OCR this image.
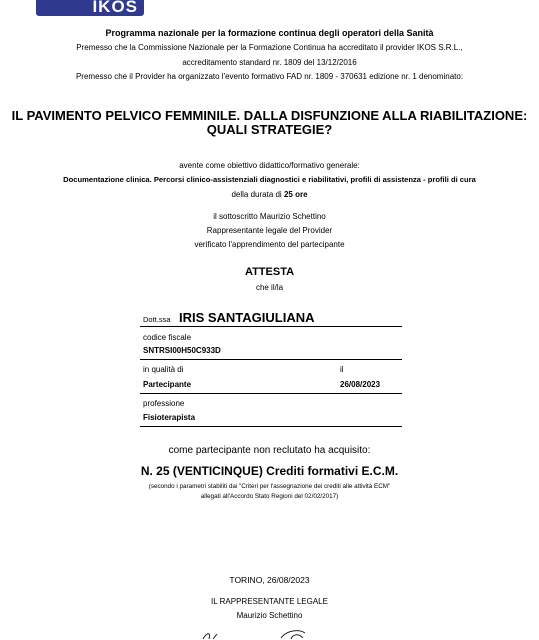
IKOS
Programma nazionale per la formazione continua degli operatori della Sanità
Premesso che la Commissione Nazionale per la Formazione Continua ha accreditato il provider IKOS S.R.L.,
accreditamento standard nr. 1809 del 13/12/2016
Premesso che il Provider ha organizzato l'evento formativo FAD nr. 1809 - 370631 edizione nr. 1 denominato:
IL PAVIMENTO PELVICO FEMMINILE. DALLA DISFUNZIONE ALLA RIABILITAZIONE:
QUALI STRATEGIE?
avente come obiettivo didattico/formativo generale:
Documentazione clinica. Percorsi clinico-assistenziali diagnostici e riabilitativi, profili di assistenza - profili di cura
della durata di 25 ore
il sottoscritto Maurizio Schettino
Rappresentante legale del Provider
verificato l'apprendimento del partecipante
ATTESTA
che il/la
Dott.ssa IRIS SANTAGIULIANA
codice fiscale
SNTRSI00H50C933D
in qualità di	il
Partecipante	26/08/2023
professione
Fisioterapista
come partecipante non reclutato ha acquisito:
N. 25 (VENTICINQUE) Crediti formativi E.C.M.
(secondo i parametri stabiliti dai "Criteri per l'assegnazione dei crediti alle attività ECM"
allegati all'Accordo Stato Regioni del 02/02/2017)
TORINO, 26/08/2023
IL RAPPRESENTANTE LEGALE
Maurizio Schettino
